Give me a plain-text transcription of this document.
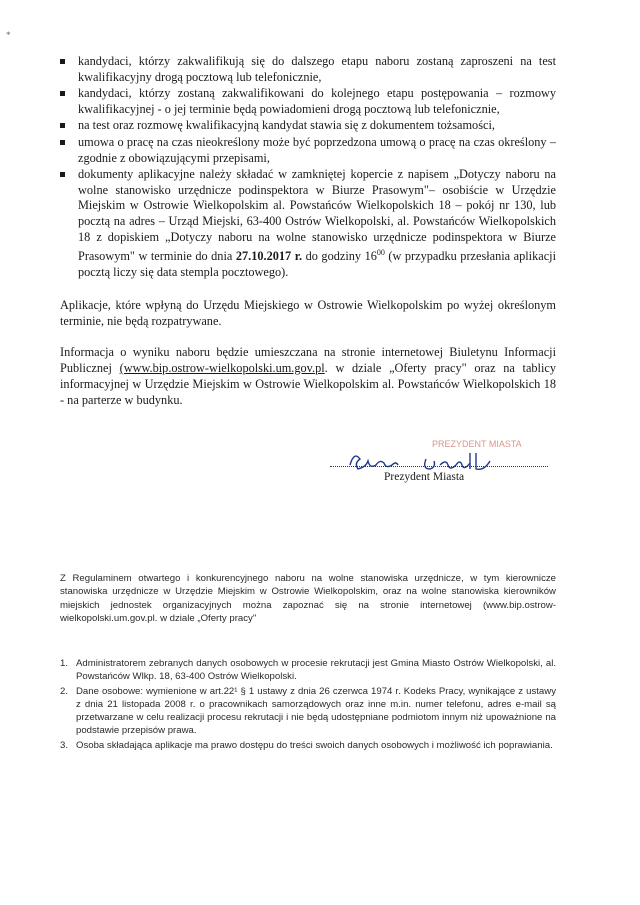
*
kandydaci, którzy zakwalifikują się do dalszego etapu naboru zostaną zaproszeni na test kwalifikacyjny drogą pocztową lub telefonicznie,
kandydaci, którzy zostaną zakwalifikowani do kolejnego etapu postępowania – rozmowy kwalifikacyjnej - o jej terminie będą powiadomieni drogą pocztową lub telefonicznie,
na test oraz rozmowę kwalifikacyjną kandydat stawia się z dokumentem tożsamości,
umowa o pracę na czas nieokreślony może być poprzedzona umową o pracę na czas określony – zgodnie z obowiązującymi przepisami,
dokumenty aplikacyjne należy składać w zamkniętej kopercie z napisem „Dotyczy naboru na wolne stanowisko urzędnicze podinspektora w Biurze Prasowym"– osobiście w Urzędzie Miejskim w Ostrowie Wielkopolskim al. Powstańców Wielkopolskich 18 – pokój nr 130, lub pocztą na adres – Urząd Miejski, 63-400 Ostrów Wielkopolski, al. Powstańców Wielkopolskich 18 z dopiskiem „Dotyczy naboru na wolne stanowisko urzędnicze podinspektora w Biurze Prasowym" w terminie do dnia 27.10.2017 r. do godziny $16^{00}$ (w przypadku przesłania aplikacji pocztą liczy się data stempla pocztowego).

Aplikacje, które wpłyną do Urzędu Miejskiego w Ostrowie Wielkopolskim po wyżej określonym terminie, nie będą rozpatrywane.

Informacja o wyniku naboru będzie umieszczana na stronie internetowej Biuletynu Informacji Publicznej (www.bip.ostrow-wielkopolski.um.gov.pl. w dziale „Oferty pracy" oraz na tablicy informacyjnej w Urzędzie Miejskim w Ostrowie Wielkopolskim al. Powstańców Wielkopolskich 18 - na parterze w budynku.

PREZYDENT MIASTA
Prezydent Miasta

Z Regulaminem otwartego i konkurencyjnego naboru na wolne stanowiska urzędnicze, w tym kierownicze stanowiska urzędnicze w Urzędzie Miejskim w Ostrowie Wielkopolskim, oraz na wolne stanowiska kierowników miejskich jednostek organizacyjnych można zapoznać się na stronie internetowej (www.bip.ostrow-wielkopolski.um.gov.pl. w dziale „Oferty pracy"

1. Administratorem zebranych danych osobowych w procesie rekrutacji jest Gmina Miasto Ostrów Wielkopolski, al. Powstańców Wlkp. 18, 63-400 Ostrów Wielkopolski.
2. Dane osobowe: wymienione w art.22¹ § 1 ustawy z dnia 26 czerwca 1974 r. Kodeks Pracy, wynikające z ustawy z dnia 21 listopada 2008 r. o pracownikach samorządowych oraz inne m.in. numer telefonu, adres e-mail są przetwarzane w celu realizacji procesu rekrutacji i nie będą udostępniane podmiotom innym niż upoważnione na podstawie przepisów prawa.
3. Osoba składająca aplikacje ma prawo dostępu do treści swoich danych osobowych i możliwość ich poprawiania.
